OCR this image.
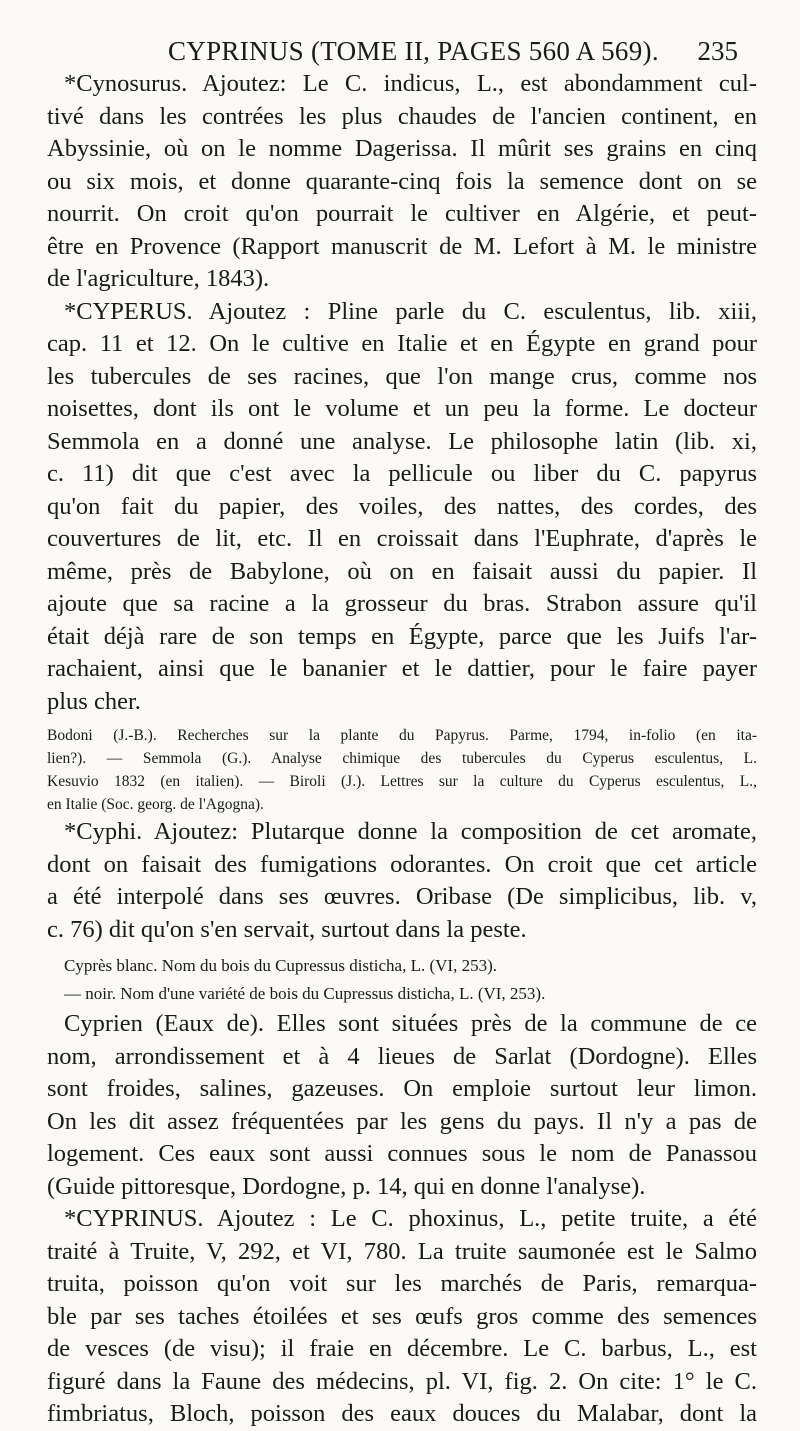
CYPRINUS (TOME II, PAGES 560 A 569). 235
*Cynosurus. Ajoutez: Le C. indicus, L., est abondamment cul-
tivé dans les contrées les plus chaudes de l'ancien continent, en
Abyssinie, où on le nomme Dagerissa. Il mûrit ses grains en cinq
ou six mois, et donne quarante-cinq fois la semence dont on se
nourrit. On croit qu'on pourrait le cultiver en Algérie, et peut-
être en Provence (Rapport manuscrit de M. Lefort à M. le ministre
de l'agriculture, 1843).
*CYPERUS. Ajoutez : Pline parle du C. esculentus, lib. xiii,
cap. 11 et 12. On le cultive en Italie et en Égypte en grand pour
les tubercules de ses racines, que l'on mange crus, comme nos
noisettes, dont ils ont le volume et un peu la forme. Le docteur
Semmola en a donné une analyse. Le philosophe latin (lib. xi,
c. 11) dit que c'est avec la pellicule ou liber du C. papyrus
qu'on fait du papier, des voiles, des nattes, des cordes, des
couvertures de lit, etc. Il en croissait dans l'Euphrate, d'après le
même, près de Babylone, où on en faisait aussi du papier. Il
ajoute que sa racine a la grosseur du bras. Strabon assure qu'il
était déjà rare de son temps en Égypte, parce que les Juifs l'ar-
rachaient, ainsi que le bananier et le dattier, pour le faire payer
plus cher.
Bodoni (J.-B.). Recherches sur la plante du Papyrus. Parme, 1794, in-folio (en ita-
lien?). — Semmola (G.). Analyse chimique des tubercules du Cyperus esculentus, L.
Kesuvio 1832 (en italien). — Biroli (J.). Lettres sur la culture du Cyperus esculentus, L.,
en Italie (Soc. georg. de l'Agogna).
*Cyphi. Ajoutez: Plutarque donne la composition de cet aromate,
dont on faisait des fumigations odorantes. On croit que cet article
a été interpolé dans ses œuvres. Oribase (De simplicibus, lib. v,
c. 76) dit qu'on s'en servait, surtout dans la peste.
Cyprès blanc. Nom du bois du Cupressus disticha, L. (VI, 253).
— noir. Nom d'une variété de bois du Cupressus disticha, L. (VI, 253).
Cyprien (Eaux de). Elles sont situées près de la commune de ce
nom, arrondissement et à 4 lieues de Sarlat (Dordogne). Elles
sont froides, salines, gazeuses. On emploie surtout leur limon.
On les dit assez fréquentées par les gens du pays. Il n'y a pas de
logement. Ces eaux sont aussi connues sous le nom de Panassou
(Guide pittoresque, Dordogne, p. 14, qui en donne l'analyse).
*CYPRINUS. Ajoutez : Le C. phoxinus, L., petite truite, a été
traité à Truite, V, 292, et VI, 780. La truite saumonée est le Salmo
truita, poisson qu'on voit sur les marchés de Paris, remarqua-
ble par ses taches étoilées et ses œufs gros comme des semences
de vesces (de visu); il fraie en décembre. Le C. barbus, L., est
figuré dans la Faune des médecins, pl. VI, fig. 2. On cite: 1° le C.
fimbriatus, Bloch, poisson des eaux douces du Malabar, dont la
